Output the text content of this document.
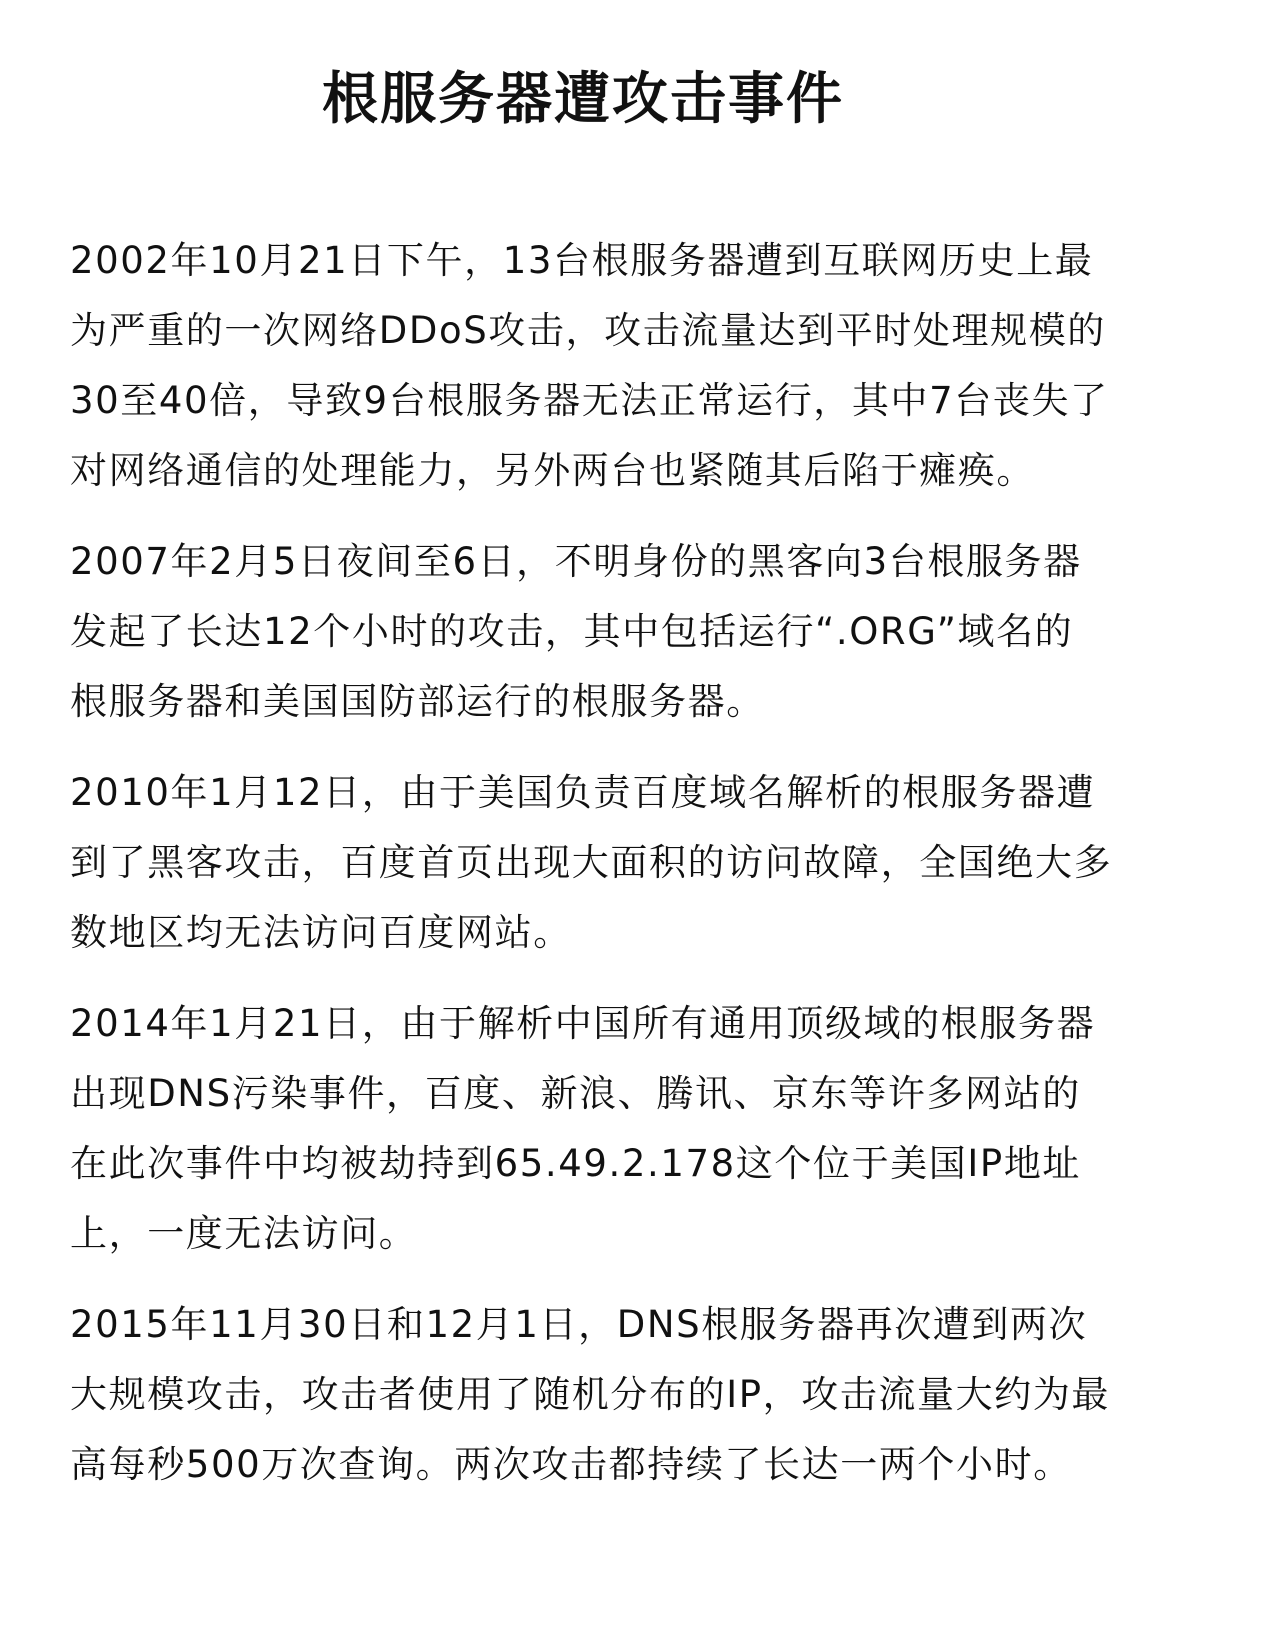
根服务器遭攻击事件

2002年10月21日下午，13台根服务器遭到互联网历史上最
为严重的一次网络DDoS攻击，攻击流量达到平时处理规模的
30至40倍，导致9台根服务器无法正常运行，其中7台丧失了
对网络通信的处理能力，另外两台也紧随其后陷于瘫痪。

2007年2月5日夜间至6日，不明身份的黑客向3台根服务器
发起了长达12个小时的攻击，其中包括运行“.ORG”域名的
根服务器和美国国防部运行的根服务器。

2010年1月12日，由于美国负责百度域名解析的根服务器遭
到了黑客攻击，百度首页出现大面积的访问故障，全国绝大多
数地区均无法访问百度网站。

2014年1月21日，由于解析中国所有通用顶级域的根服务器
出现DNS污染事件，百度、新浪、腾讯、京东等许多网站的
在此次事件中均被劫持到65.49.2.178这个位于美国IP地址
上，一度无法访问。

2015年11月30日和12月1日，DNS根服务器再次遭到两次
大规模攻击，攻击者使用了随机分布的IP，攻击流量大约为最
高每秒500万次查询。两次攻击都持续了长达一两个小时。
